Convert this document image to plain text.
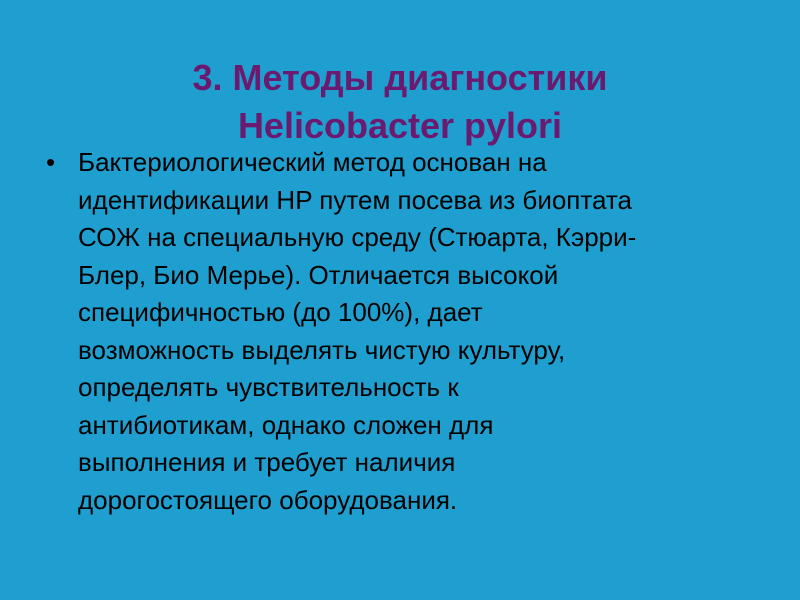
3. Методы диагностики
Helicobacter pylori
• Бактериологический метод основан на
идентификации HP путем посева из биоптата
СОЖ на специальную среду (Стюарта, Кэрри-
Блер, Био Мерье). Отличается высокой
специфичностью (до 100%), дает
возможность выделять чистую культуру,
определять чувствительность к
антибиотикам, однако сложен для
выполнения и требует наличия
дорогостоящего оборудования.
